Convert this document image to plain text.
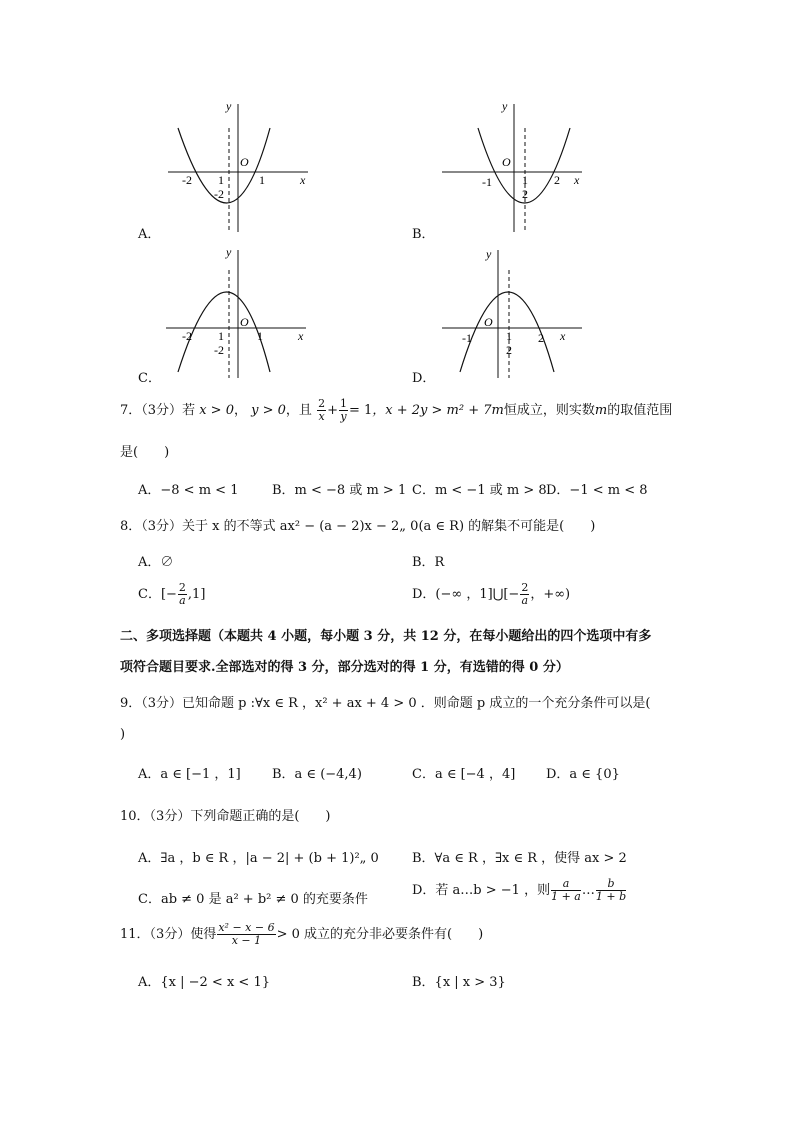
y
x
O
-2 1
-2
1
A．
y
x
O
-1	1
2
2
B．
y
x
O
-2 1
-2
1
C．
y
x
O
-1	1
2
2
D．
7．（3分）若 x > 0， y > 0，且 $\frac{2}{x} + \frac{1}{y} = 1$，x + 2y > m² + 7m恒成立，则实数m的取值范围
是(　　)
A．−8 < m < 1	B．m < −8 或 m > 1 C．m < −1 或 m > 8 D．−1 < m < 8
8．（3分）关于 x 的不等式 ax² − (a − 2)x − 2„ 0(a ∈ R) 的解集不可能是(　　)
A．∅	B．R
C．[− $\frac{2}{a} ,1$]	D．(−∞ ，1]⋃[− $\frac{2}{a}$ ，+∞)
二、多项选择题（本题共 4 小题，每小题 3 分，共 12 分，在每小题给出的四个选项中有多
项符合题目要求.全部选对的得 3 分，部分选对的得 1 分，有选错的得 0 分）
9．（3分）已知命题 p :∀x ∈ R ，x² + ax + 4 > 0 ．则命题 p 成立的一个充分条件可以是(
)
A．a ∈ [−1 ，1] B．a ∈ (−4,4)	C．a ∈ [−4 ，4] D．a ∈ {0}
10．（3分）下列命题正确的是(　　)
A．∃a ，b ∈ R ，|a − 2| + (b + 1)²„ 0	B．∀a ∈ R ，∃x ∈ R ，使得 ax > 2
C．ab ≠ 0 是 a² + b² ≠ 0 的充要条件
D．若 a…b > −1 ，则 $\frac{a}{1 + a}$ … $\frac{b}{1 + b}$
11．（3分）使得 $\frac{\text{x² − x − 6}}{x - 1} > 0$ 成立的充分非必要条件有(　　)
A．{x | −2 < x < 1}	B．{x | x > 3}
